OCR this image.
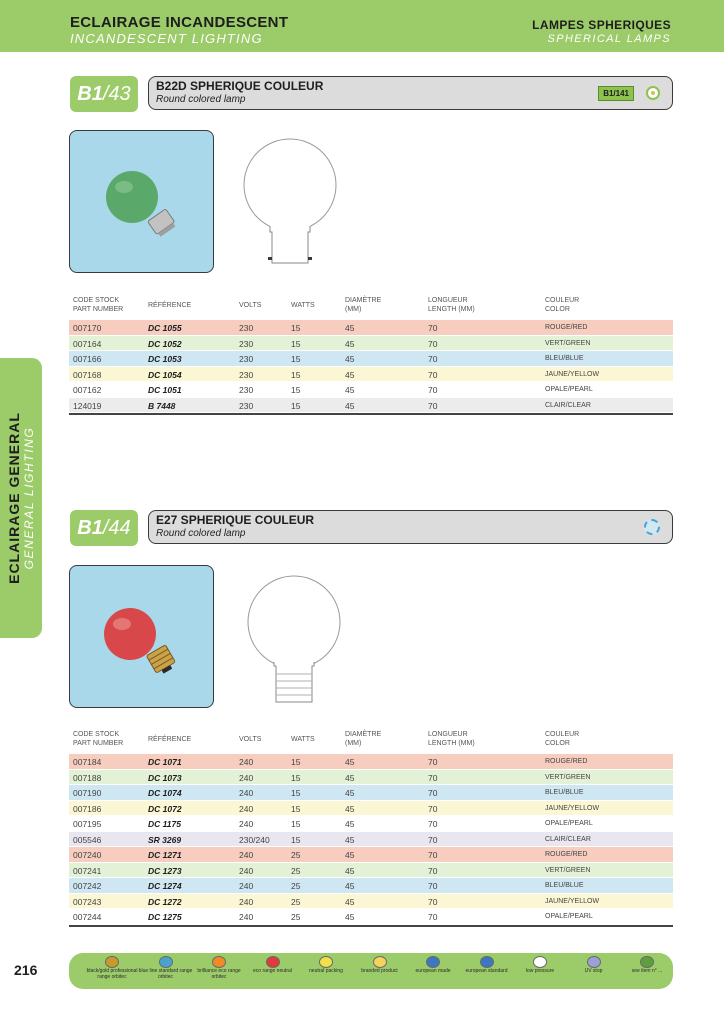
ECLAIRAGE INCANDESCENT
INCANDESCENT LIGHTING
LAMPES SPHERIQUES
SPHERICAL LAMPS
ECLAIRAGE GENERAL GENERAL LIGHTING
B1 /43 B22D SPHERIQUE COULEUR
Round colored lamp
B1/141
CODE STOCK
PART NUMBER
RÉFÉRENCE	VOLTS	WATTS
DIAMÈTRE
(MM)
LONGUEUR
LENGTH (MM)
COULEUR
COLOR
007170	DC 1055	230	15	45	70	ROUGE/RED
007164	DC 1052	230	15	45	70	VERT/GREEN
007166	DC 1053	230	15	45	70	BLEU/BLUE
007168	DC 1054	230	15	45	70	JAUNE/YELLOW
007162	DC 1051	230	15	45	70	OPALE/PEARL
124019	B 7448	230	15	45	70	CLAIR/CLEAR
B1 /44 E27 SPHERIQUE COULEUR
Round colored lamp
CODE STOCK
PART NUMBER
RÉFÉRENCE	VOLTS	WATTS
DIAMÈTRE
(MM)
LONGUEUR
LENGTH (MM)
COULEUR
COLOR
007184	DC 1071	240	15	45	70	ROUGE/RED
007188	DC 1073	240	15	45	70	VERT/GREEN
007190	DC 1074	240	15	45	70	BLEU/BLUE
007186	DC 1072	240	15	45	70	JAUNE/YELLOW
007195	DC 1175	240	15	45	70	OPALE/PEARL
005546	SR 3269	230/240	15	45	70	CLAIR/CLEAR
007240	DC 1271	240	25	45	70	ROUGE/RED
007241	DC 1273	240	25	45	70	VERT/GREEN
007242	DC 1274	240	25	45	70	BLEU/BLUE
007243	DC 1272	240	25	45	70	JAUNE/YELLOW
007244	DC 1275	240	25	45	70	OPALE/PEARL
216	black/gold professional range orbitec
blue line standard range orbitec
brilliance eco range orbitec
eco range neutral	neutral packing	branded product	european made	european standard	low pressure	UV stop	see item n° ...
